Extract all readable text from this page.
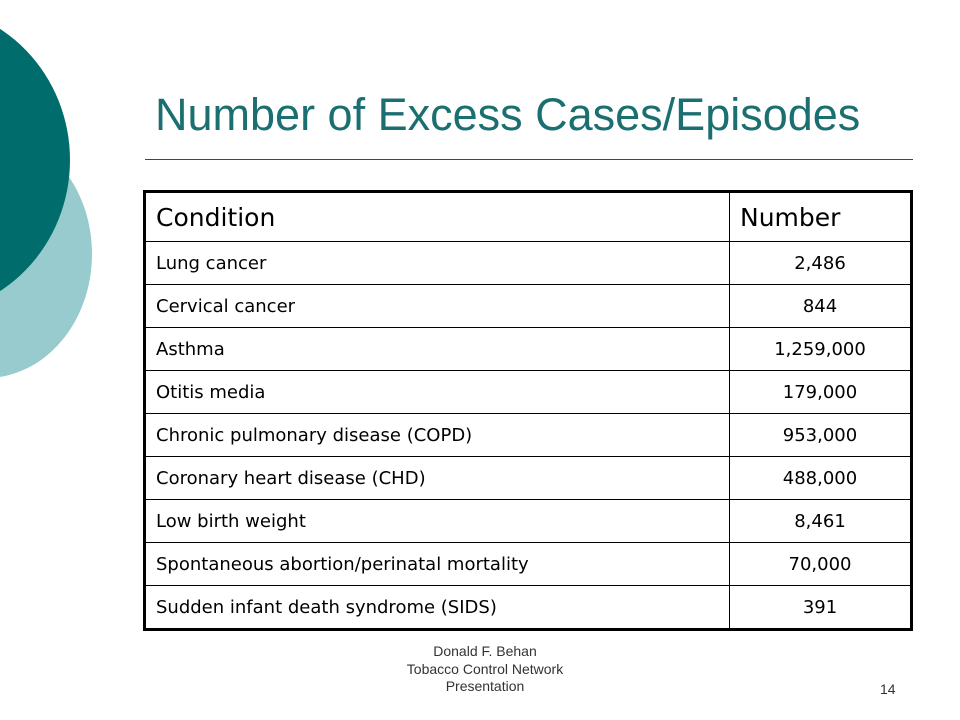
Number of Excess Cases/Episodes
Condition	Number
Lung cancer	2,486
Cervical cancer	844
Asthma	1,259,000
Otitis media	179,000
Chronic pulmonary disease (COPD)	953,000
Coronary heart disease (CHD)	488,000
Low birth weight	8,461
Spontaneous abortion/perinatal mortality	70,000
Sudden infant death syndrome (SIDS)	391
Donald F. Behan
Tobacco Control Network
Presentation	14
